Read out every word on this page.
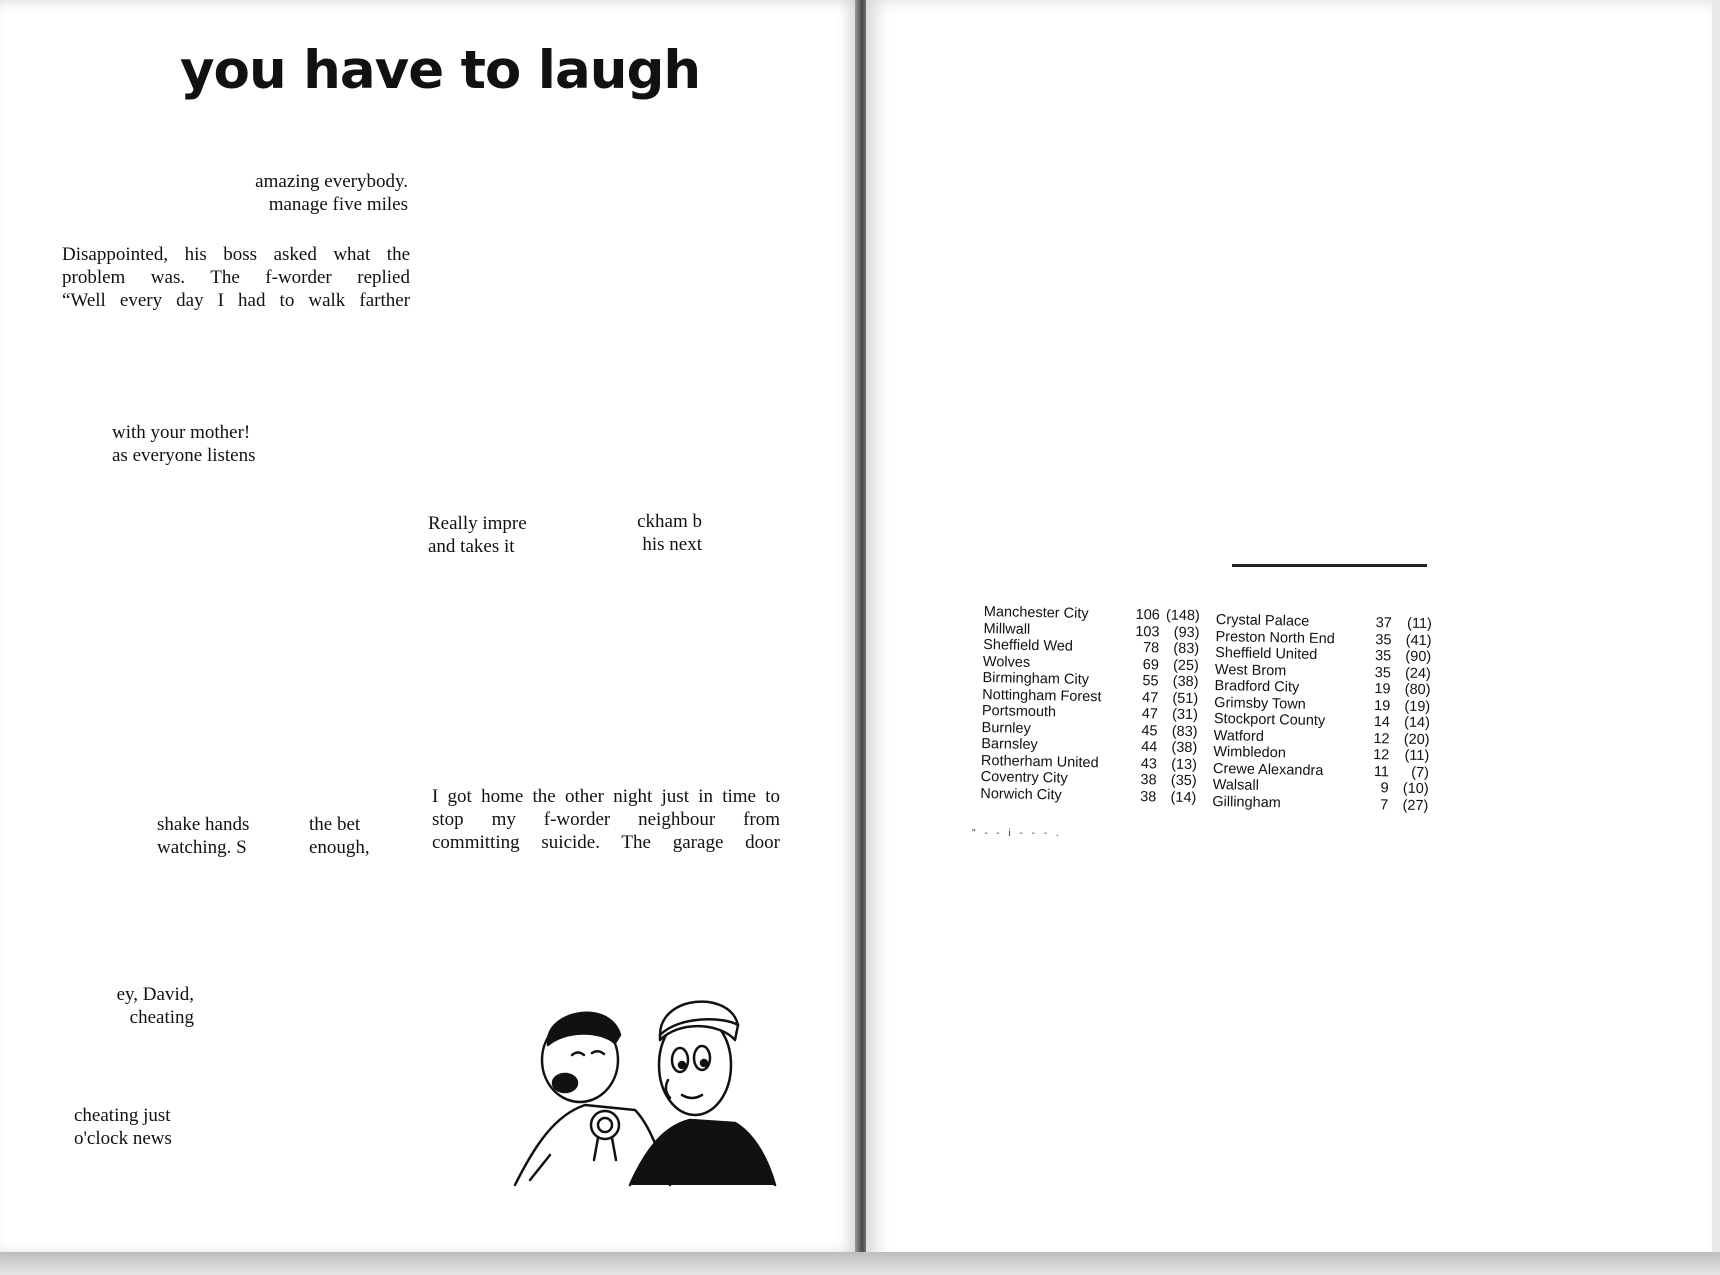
you have to laugh
amazing everybody.
manage five miles

Disappointed, his boss asked what the

problem was. The f-worder replied

“Well every day I had to walk farther

with your mother!
as everyone listens
Really impre
and takes it
ckham b
his next
shake hands
watching. S
the bet
enough,

I got home the other night just in time to

stop my f-worder neighbour from

committing suicide. The garage door

ey, David,
cheating
cheating just
o'clock news
Manchester City	106	(148)
Millwall	103	(93)
Sheffield Wed	78	(83)
Wolves	69	(25)
Birmingham City	55	(38)
Nottingham Forest	47	(51)
Portsmouth	47	(31)
Burnley	45	(83)
Barnsley	44	(38)
Rotherham United	43	(13)
Coventry City	38	(35)
Norwich City	38	(14)
Crystal Palace	37	(11)
Preston North End	35	(41)
Sheffield United	35	(90)
West Brom	35	(24)
Bradford City	19	(80)
Grimsby Town	19	(19)
Stockport County	14	(14)
Watford	12	(20)
Wimbledon	12	(11)
Crewe Alexandra	11	(7)
Walsall	9	(10)
Gillingham	7	(27)
" - - i - - - .
